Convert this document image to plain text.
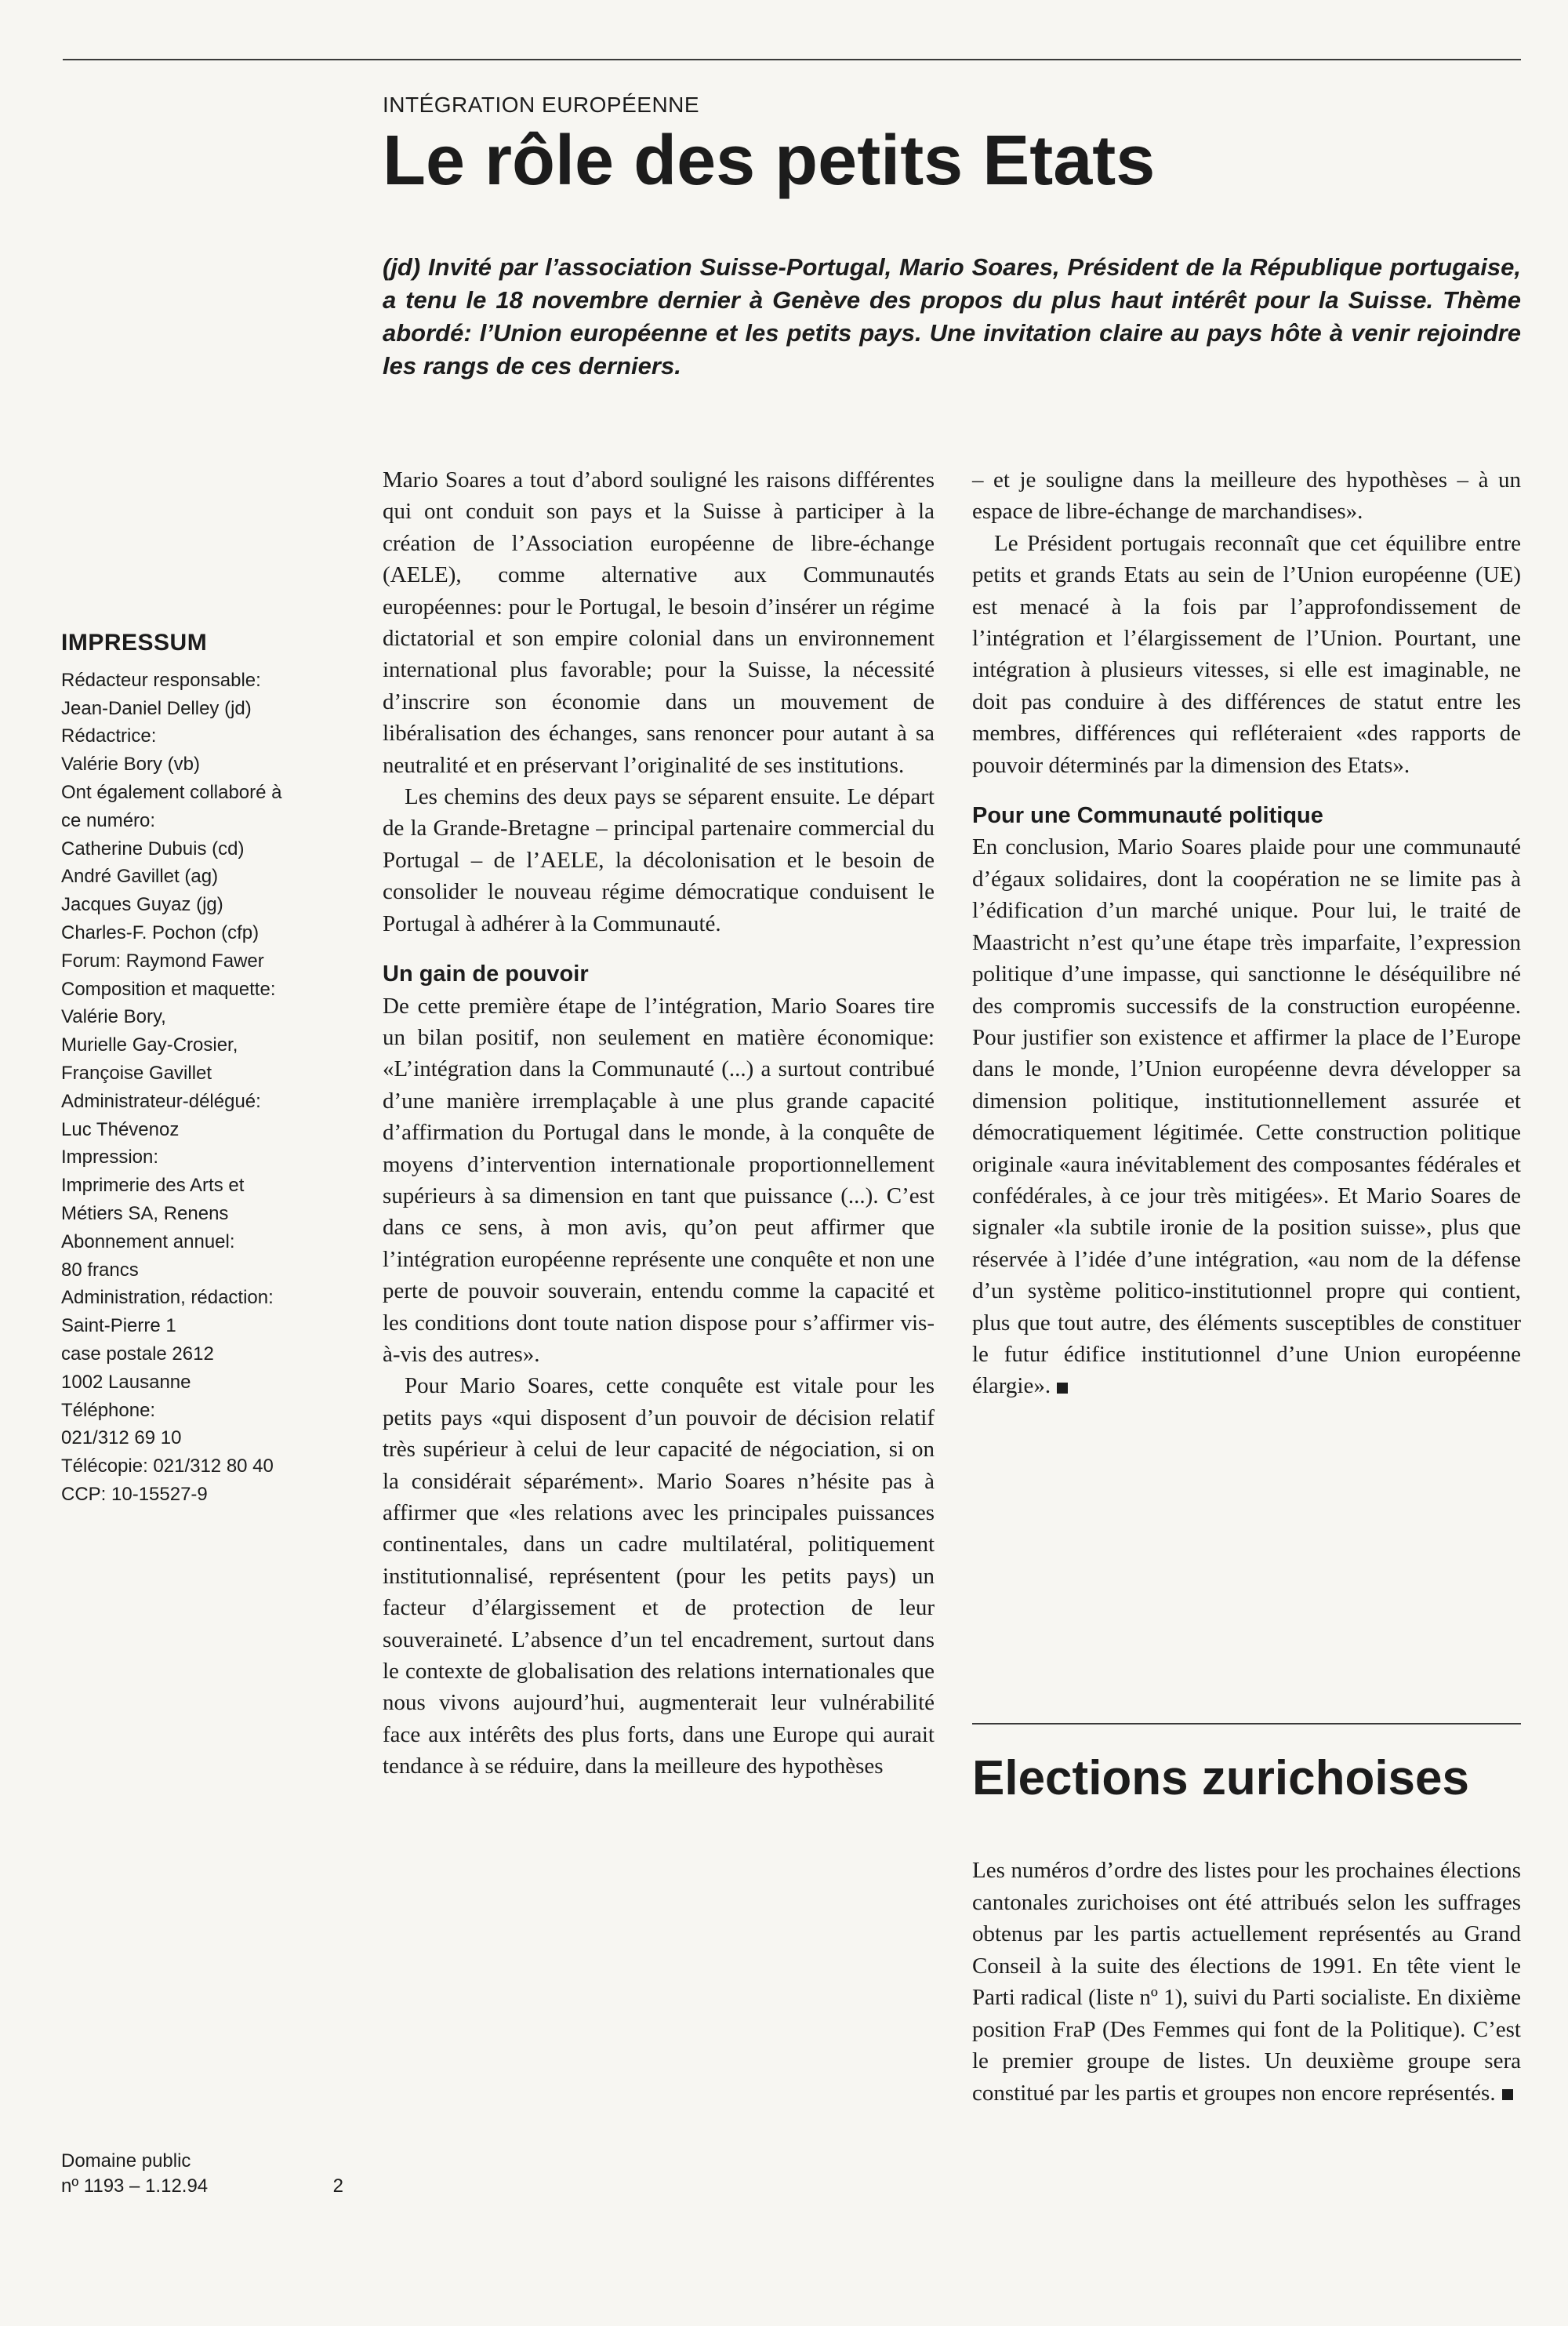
INTÉGRATION EUROPÉENNE
Le rôle des petits Etats

(jd) Invité par l’association Suisse-Portugal, Mario Soares, Président de la République portugaise, a tenu le 18 novembre dernier à Genève des propos du plus haut intérêt pour la Suisse. Thème abordé: l’Union européenne et les petits pays. Une invitation claire au pays hôte à venir rejoindre les rangs de ces derniers.

IMPRESSUM
Rédacteur responsable:
Jean-Daniel Delley (jd)
Rédactrice:
Valérie Bory (vb)
Ont également collaboré à
ce numéro:
Catherine Dubuis (cd)
André Gavillet (ag)
Jacques Guyaz (jg)
Charles-F. Pochon (cfp)
Forum: Raymond Fawer
Composition et maquette:
Valérie Bory,
Murielle Gay-Crosier,
Françoise Gavillet
Administrateur-délégué:
Luc Thévenoz
Impression:
Imprimerie des Arts et
Métiers SA, Renens
Abonnement annuel:
80 francs
Administration, rédaction:
Saint-Pierre 1
case postale 2612
1002 Lausanne
Téléphone:
021/312 69 10
Télécopie: 021/312 80 40
CCP: 10-15527-9
Domaine public
nº 1193 – 1.12.94	2

Mario Soares a tout d’abord souligné les raisons différentes qui ont conduit son pays et la Suisse à participer à la création de l’Association européenne de libre-échange (AELE), comme alternative aux Communautés européennes: pour le Portugal, le besoin d’insérer un régime dictatorial et son empire colonial dans un environnement international plus favorable; pour la Suisse, la nécessité d’inscrire son économie dans un mouvement de libéralisation des échanges, sans renoncer pour autant à sa neutralité et en préservant l’originalité de ses institutions.

Les chemins des deux pays se séparent ensuite. Le départ de la Grande-Bretagne – principal partenaire commercial du Portugal – de l’AELE, la décolonisation et le besoin de consolider le nouveau régime démocratique conduisent le Portugal à adhérer à la Communauté.

Un gain de pouvoir

De cette première étape de l’intégration, Mario Soares tire un bilan positif, non seulement en matière économique: «L’intégration dans la Communauté (...) a surtout contribué d’une manière irremplaçable à une plus grande capacité d’affirmation du Portugal dans le monde, à la conquête de moyens d’intervention internationale proportionnellement supérieurs à sa dimension en tant que puissance (...). C’est dans ce sens, à mon avis, qu’on peut affirmer que l’intégration européenne représente une conquête et non une perte de pouvoir souverain, entendu comme la capacité et les conditions dont toute nation dispose pour s’affirmer vis-à-vis des autres».

Pour Mario Soares, cette conquête est vitale pour les petits pays «qui disposent d’un pouvoir de décision relatif très supérieur à celui de leur capacité de négociation, si on la considérait séparément». Mario Soares n’hésite pas à affirmer que «les relations avec les principales puissances continentales, dans un cadre multilatéral, politiquement institutionnalisé, représentent (pour les petits pays) un facteur d’élargissement et de protection de leur souveraineté. L’absence d’un tel encadrement, surtout dans le contexte de globalisation des relations internationales que nous vivons aujourd’hui, augmenterait leur vulnérabilité face aux intérêts des plus forts, dans une Europe qui aurait tendance à se réduire, dans la meilleure des hypothèses

– et je souligne dans la meilleure des hypothèses – à un espace de libre-échange de marchandises».

Le Président portugais reconnaît que cet équilibre entre petits et grands Etats au sein de l’Union européenne (UE) est menacé à la fois par l’approfondissement de l’intégration et l’élargissement de l’Union. Pourtant, une intégration à plusieurs vitesses, si elle est imaginable, ne doit pas conduire à des différences de statut entre les membres, différences qui refléteraient «des rapports de pouvoir déterminés par la dimension des Etats».

Pour une Communauté politique

En conclusion, Mario Soares plaide pour une communauté d’égaux solidaires, dont la coopération ne se limite pas à l’édification d’un marché unique. Pour lui, le traité de Maastricht n’est qu’une étape très imparfaite, l’expression politique d’une impasse, qui sanctionne le déséquilibre né des compromis successifs de la construction européenne. Pour justifier son existence et affirmer la place de l’Europe dans le monde, l’Union européenne devra développer sa dimension politique, institutionnellement assurée et démocratiquement légitimée. Cette construction politique originale «aura inévitablement des composantes fédérales et confédérales, à ce jour très mitigées». Et Mario Soares de signaler «la subtile ironie de la position suisse», plus que réservée à l’idée d’une intégration, «au nom de la défense d’un système politico-institutionnel propre qui contient, plus que tout autre, des éléments susceptibles de constituer le futur édifice institutionnel d’une Union européenne élargie».

Elections zurichoises

Les numéros d’ordre des listes pour les prochaines élections cantonales zurichoises ont été attribués selon les suffrages obtenus par les partis actuellement représentés au Grand Conseil à la suite des élections de 1991. En tête vient le Parti radical (liste nº 1), suivi du Parti socialiste. En dixième position FraP (Des Femmes qui font de la Politique). C’est le premier groupe de listes. Un deuxième groupe sera constitué par les partis et groupes non encore représentés.
